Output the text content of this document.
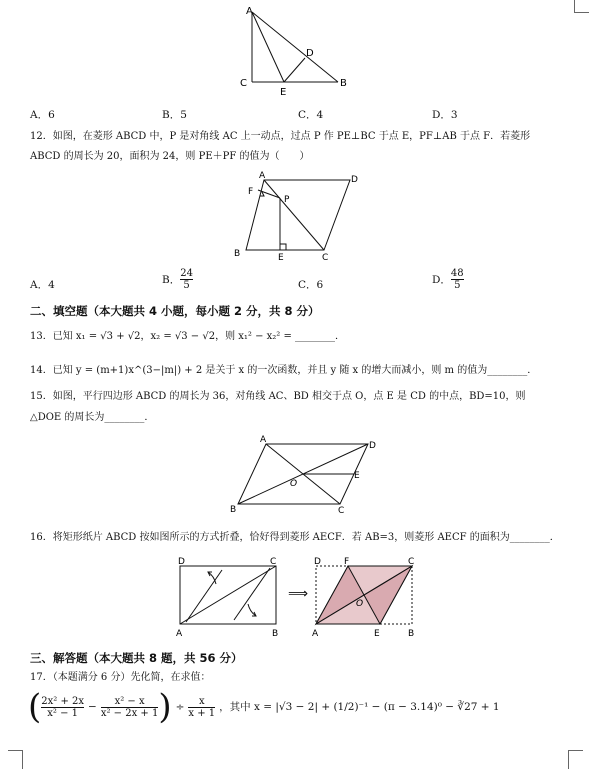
A
C	B
D
E
A．6	B．5	C．4	D．3
12．如图，在菱形 ABCD 中，P 是对角线 AC 上一动点，过点 P 作 PE⊥BC 于点 E，PF⊥AB 于点 F．若菱形
ABCD 的周长为 20，面积为 24，则 PE＋PF 的值为（　　）
A	D
F
P
B	E	C
A．4	B． $\frac{24}{5}$	C．6	D． $\frac{48}{5}$
二、填空题（本大题共 4 小题，每小题 2 分，共 8 分）
13．已知 x₁ = √3 + √2，x₂ = √3 − √2，则 x₁² − x₂² = ________．
14．已知 y = (m+1)x^(3−|m|) + 2 是关于 x 的一次函数，并且 y 随 x 的增大而减小，则 m 的值为________．
15．如图，平行四边形 ABCD 的周长为 36，对角线 AC、BD 相交于点 O，点 E 是 CD 的中点，BD=10，则
△DOE 的周长为________．
A
D
E
O
B	C
16．将矩形纸片 ABCD 按如图所示的方式折叠，恰好得到菱形 AECF．若 AB=3，则菱形 AECF 的面积为________．
D	C
A	B
⟹
D	F	C
O
A	E	B
三、解答题（本大题共 8 题，共 56 分）
17．（本题满分 6 分）先化简，在求值：
( $\frac{\text{2x² + 2x}}{\text{x² − 1}} - \frac{\text{x² − x}}{\text{x² − 2x + 1}}$ ) ÷ $\frac{x}{x + 1}$ ，其中 x = |√3 − 2| + (1/2)⁻¹ − (π − 3.14)⁰ − ∛27 + 1
